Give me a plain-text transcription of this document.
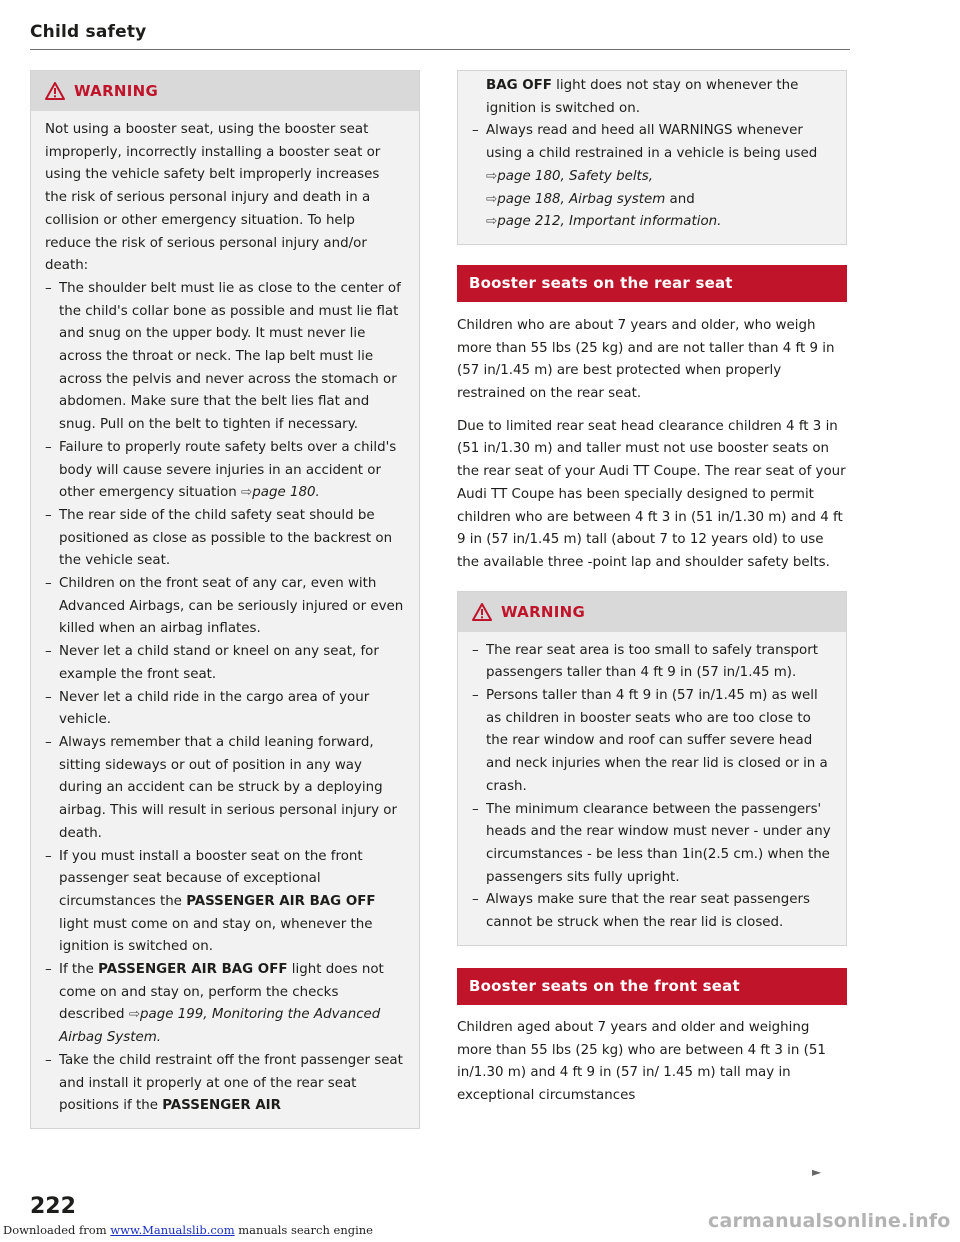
Child safety
WARNING

Not using a booster seat, using the booster seat improperly, incorrectly installing a booster seat or using the vehicle safety belt improperly increases the risk of serious personal injury and death in a collision or other emergency situation. To help reduce the risk of serious personal injury and/or death:

– The shoulder belt must lie as close to the center of the child's collar bone as possible and must lie flat and snug on the upper body. It must never lie across the throat or neck. The lap belt must lie across the pelvis and never across the stomach or abdomen. Make sure that the belt lies flat and snug. Pull on the belt to tighten if necessary.
– Failure to properly route safety belts over a child's body will cause severe injuries in an accident or other emergency situation ⇨page 180.
– The rear side of the child safety seat should be positioned as close as possible to the backrest on the vehicle seat.
– Children on the front seat of any car, even with Advanced Airbags, can be seriously injured or even killed when an airbag inflates.
– Never let a child stand or kneel on any seat, for example the front seat.
– Never let a child ride in the cargo area of your vehicle.
– Always remember that a child leaning forward, sitting sideways or out of position in any way during an accident can be struck by a deploying airbag. This will result in serious personal injury or death.
– If you must install a booster seat on the front passenger seat because of exceptional circumstances the PASSENGER AIR BAG OFF light must come on and stay on, whenever the ignition is switched on.
– If the PASSENGER AIR BAG OFF light does not come on and stay on, perform the checks described ⇨page 199, Monitoring the Advanced Airbag System.
– Take the child restraint off the front passenger seat and install it properly at one of the rear seat positions if the PASSENGER AIR

BAG OFF light does not stay on whenever the ignition is switched on.

– Always read and heed all WARNINGS whenever using a child restrained in a vehicle is being used ⇨page 180, Safety belts,
⇨page 188, Airbag system and
⇨page 212, Important information.
Booster seats on the rear seat

Children who are about 7 years and older, who weigh more than 55 lbs (25 kg) and are not taller than 4 ft 9 in (57 in/1.45 m) are best protected when properly restrained on the rear seat.

Due to limited rear seat head clearance children 4 ft 3 in (51 in/1.30 m) and taller must not use booster seats on the rear seat of your Audi TT Coupe. The rear seat of your Audi TT Coupe has been specially designed to permit children who are between 4 ft 3 in (51 in/1.30 m) and 4 ft 9 in (57 in/1.45 m) tall (about 7 to 12 years old) to use the available three -point lap and shoulder safety belts.

WARNING
– The rear seat area is too small to safely transport passengers taller than 4 ft 9 in (57 in/1.45 m).
– Persons taller than 4 ft 9 in (57 in/1.45 m) as well as children in booster seats who are too close to the rear window and roof can suffer severe head and neck injuries when the rear lid is closed or in a crash.
– The minimum clearance between the passengers' heads and the rear window must never - under any circumstances - be less than 1in(2.5 cm.) when the passengers sits fully upright.
– Always make sure that the rear seat passengers cannot be struck when the rear lid is closed.
Booster seats on the front seat

Children aged about 7 years and older and weighing more than 55 lbs (25 kg) who are between 4 ft 3 in (51 in/1.30 m) and 4 ft 9 in (57 in/ 1.45 m) tall may in exceptional circumstances

►
222
Downloaded from www.Manualslib.com manuals search engine	carmanualsonline.info
